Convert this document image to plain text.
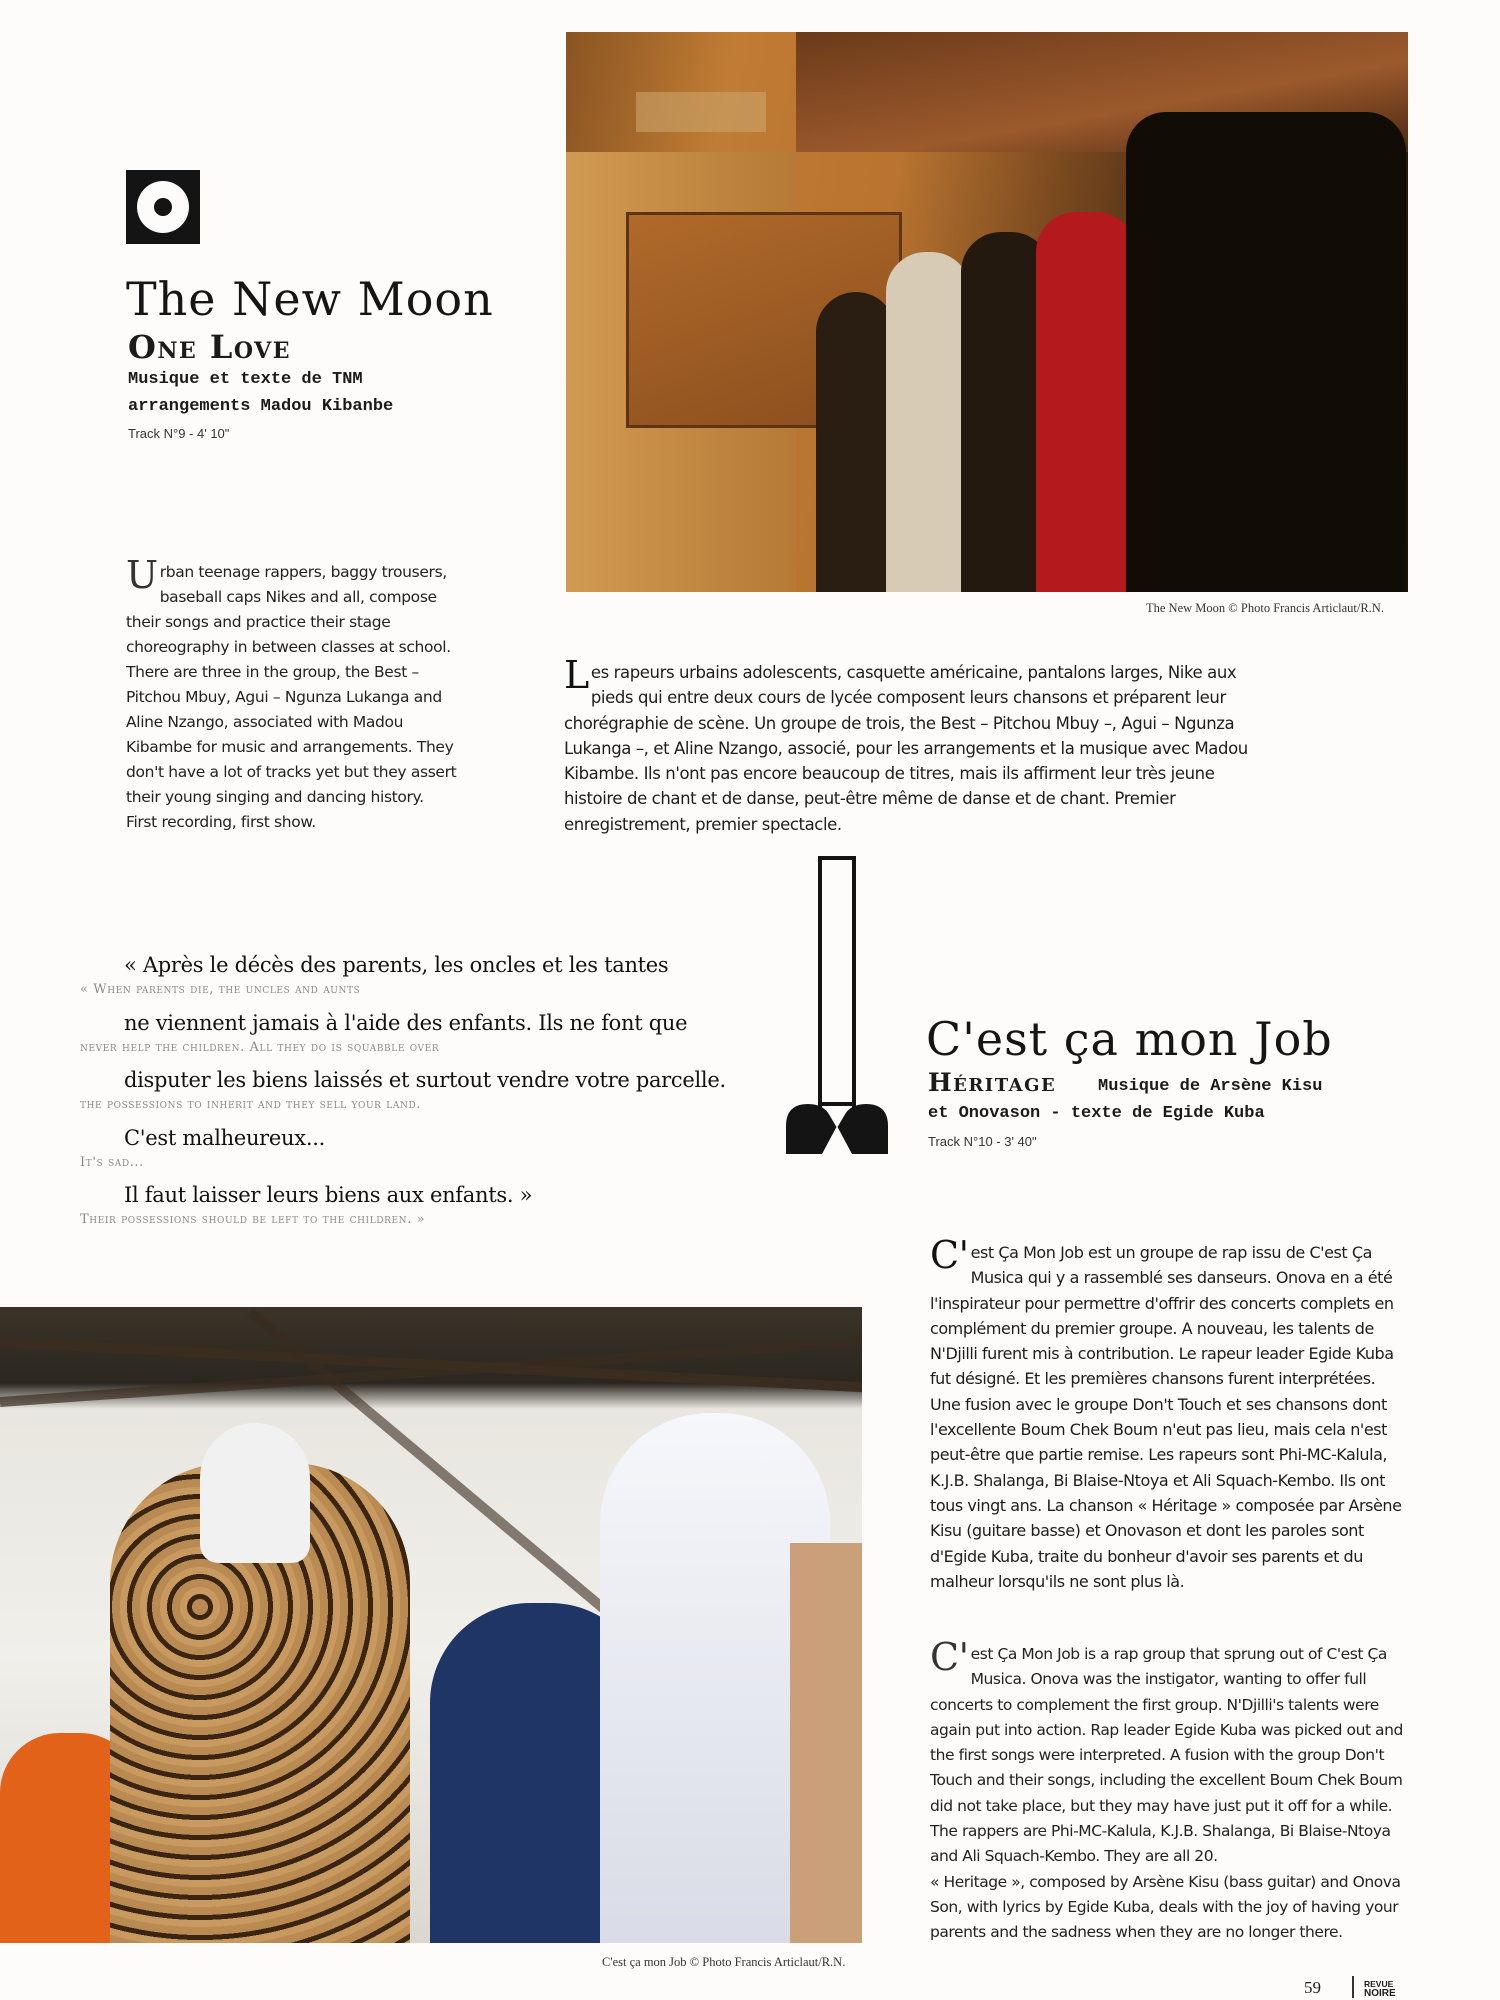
The New Moon
One Love
Musique et texte de TNM
arrangements Madou Kibanbe
Track N°9 - 4' 10"
The New Moon © Photo Francis Articlaut/R.N.
Urban teenage rappers, baggy trousers, baseball caps Nikes and all, compose their songs and practice their stage choreography in between classes at school. There are three in the group, the Best – Pitchou Mbuy, Agui – Ngunza Lukanga and Aline Nzango, associated with Madou Kibambe for music and arrangements. They don't have a lot of tracks yet but they assert their young singing and dancing history. First recording, first show.
Les rapeurs urbains adolescents, casquette américaine, pantalons larges, Nike aux pieds qui entre deux cours de lycée composent leurs chansons et préparent leur chorégraphie de scène. Un groupe de trois, the Best – Pitchou Mbuy –, Agui – Ngunza Lukanga –, et Aline Nzango, associé, pour les arrangements et la musique avec Madou Kibambe. Ils n'ont pas encore beaucoup de titres, mais ils affirment leur très jeune histoire de chant et de danse, peut-être même de danse et de chant. Premier enregistrement, premier spectacle.
« Après le décès des parents, les oncles et les tantes
« When parents die, the uncles and aunts
ne viennent jamais à l'aide des enfants. Ils ne font que
never help the children. All they do is squabble over
disputer les biens laissés et surtout vendre votre parcelle.
the possessions to inherit and they sell your land.
C'est malheureux...
It's sad...
Il faut laisser leurs biens aux enfants. »
Their possessions should be left to the children. »
C'est ça mon Job
Héritage Musique de Arsène Kisu
et Onovason - texte de Egide Kuba
Track N°10 - 3' 40"
C'est ça mon Job © Photo Francis Articlaut/R.N.
C' est Ça Mon Job est un groupe de rap issu de C'est Ça Musica qui y a rassemblé ses danseurs. Onova en a été l'inspirateur pour permettre d'offrir des concerts complets en complément du premier groupe. A nouveau, les talents de N'Djilli furent mis à contribution. Le rapeur leader Egide Kuba fut désigné. Et les premières chansons furent interprétées. Une fusion avec le groupe Don't Touch et ses chansons dont l'excellente Boum Chek Boum n'eut pas lieu, mais cela n'est peut-être que partie remise. Les rapeurs sont Phi-MC-Kalula, K.J.B. Shalanga, Bi Blaise-Ntoya et Ali Squach-Kembo. Ils ont tous vingt ans. La chanson « Héritage » composée par Arsène Kisu (guitare basse) et Onovason et dont les paroles sont d'Egide Kuba, traite du bonheur d'avoir ses parents et du malheur lorsqu'ils ne sont plus là.
C' est Ça Mon Job is a rap group that sprung out of C'est Ça Musica. Onova was the instigator, wanting to offer full concerts to complement the first group. N'Djilli's talents were again put into action. Rap leader Egide Kuba was picked out and the first songs were interpreted. A fusion with the group Don't Touch and their songs, including the excellent Boum Chek Boum did not take place, but they may have just put it off for a while. The rappers are Phi-MC-Kalula, K.J.B. Shalanga, Bi Blaise-Ntoya and Ali Squach-Kembo. They are all 20.
« Heritage », composed by Arsène Kisu (bass guitar) and Onova Son, with lyrics by Egide Kuba, deals with the joy of having your parents and the sadness when they are no longer there.
59	REVUE
NOIRE
